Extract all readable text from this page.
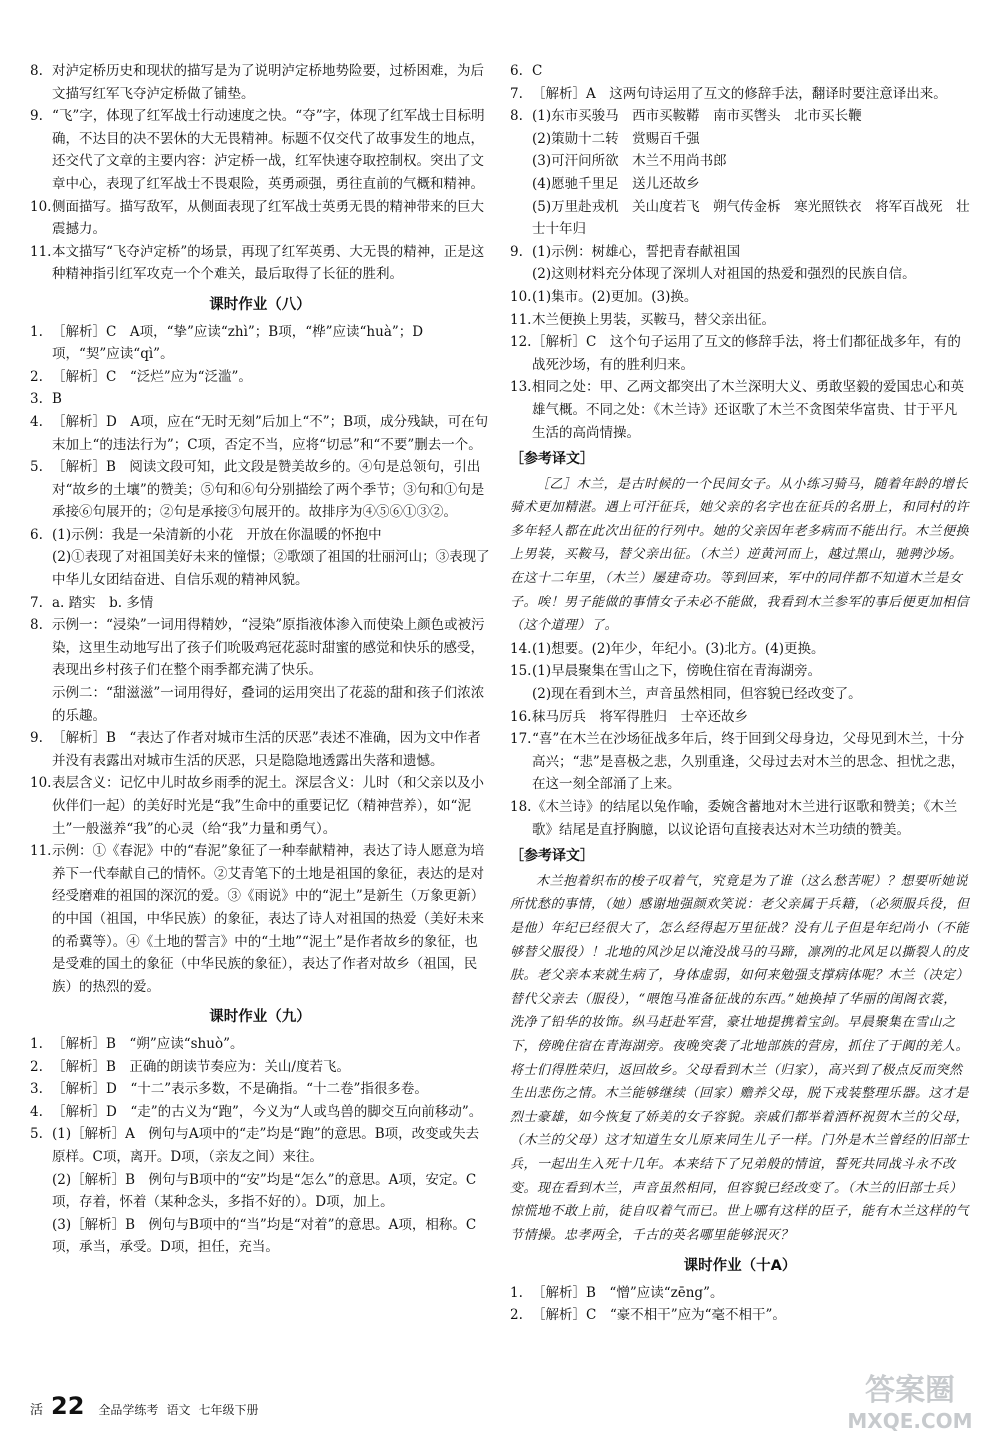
8. 对泸定桥历史和现状的描写是为了说明泸定桥地势险要，过桥困难，为后文描写红军飞夺泸定桥做了铺垫。
9. “飞”字，体现了红军战士行动速度之快。“夺”字，体现了红军战士目标明确，不达目的决不罢休的大无畏精神。标题不仅交代了故事发生的地点，还交代了文章的主要内容：泸定桥一战，红军快速夺取控制权。突出了文章中心，表现了红军战士不畏艰险，英勇顽强，勇往直前的气概和精神。
10. 侧面描写。描写敌军，从侧面表现了红军战士英勇无畏的精神带来的巨大震撼力。
11. 本文描写“飞夺泸定桥”的场景，再现了红军英勇、大无畏的精神，正是这种精神指引红军攻克一个个难关，最后取得了长征的胜利。
课时作业（八）
1. ［解析］C　A项，“挚”应读“zhì”；B项，“桦”应读“huà”；D项，“契”应读“qì”。
2. ［解析］C　“泛烂”应为“泛滥”。
3. B
4. ［解析］D　A项，应在“无时无刻”后加上“不”；B项，成分残缺，可在句末加上“的违法行为”；C项，否定不当，应将“切忌”和“不要”删去一个。
5. ［解析］B　阅读文段可知，此文段是赞美故乡的。④句是总领句，引出对“故乡的土壤”的赞美；⑤句和⑥句分别描绘了两个季节；③句和①句是承接⑥句展开的；②句是承接③句展开的。故排序为④⑤⑥①③②。
6. (1)示例：我是一朵清新的小花　开放在你温暖的怀抱中
(2)①表现了对祖国美好未来的憧憬；②歌颂了祖国的壮丽河山；③表现了中华儿女团结奋进、自信乐观的精神风貌。
7. a. 踏实　b. 多情
8. 示例一：“浸染”一词用得精妙，“浸染”原指液体渗入而使染上颜色或被污染，这里生动地写出了孩子们吮吸鸡冠花蕊时甜蜜的感觉和快乐的感受，表现出乡村孩子们在整个雨季都充满了快乐。
示例二：“甜滋滋”一词用得好，叠词的运用突出了花蕊的甜和孩子们浓浓的乐趣。
9. ［解析］B　“表达了作者对城市生活的厌恶”表述不准确，因为文中作者并没有表露出对城市生活的厌恶，只是隐隐地透露出失落和遗憾。
10. 表层含义：记忆中儿时故乡雨季的泥土。深层含义：儿时（和父亲以及小伙伴们一起）的美好时光是“我”生命中的重要记忆（精神营养），如“泥土”一般滋养“我”的心灵（给“我”力量和勇气）。
11. 示例：①《春泥》中的“春泥”象征了一种奉献精神，表达了诗人愿意为培养下一代奉献自己的情怀。②艾青笔下的土地是祖国的象征，表达的是对经受磨难的祖国的深沉的爱。③《雨说》中的“泥土”是新生（万象更新）的中国（祖国，中华民族）的象征，表达了诗人对祖国的热爱（美好未来的希冀等）。④《土地的誓言》中的“土地”“泥土”是作者故乡的象征，也是受难的国土的象征（中华民族的象征），表达了作者对故乡（祖国，民族）的热烈的爱。
课时作业（九）
1. ［解析］B　“朔”应读“shuò”。
2. ［解析］B　正确的朗读节奏应为：关山/度若飞。
3. ［解析］D　“十二”表示多数，不是确指。“十二卷”指很多卷。
4. ［解析］D　“走”的古义为“跑”，今义为“人或鸟兽的脚交互向前移动”。
5. (1)［解析］A　例句与A项中的“走”均是“跑”的意思。B项，改变或失去原样。C项，离开。D项，（亲友之间）来往。
(2)［解析］B　例句与B项中的“安”均是“怎么”的意思。A项，安定。C项，存着，怀着（某种念头，多指不好的）。D项，加上。
(3)［解析］B　例句与B项中的“当”均是“对着”的意思。A项，相称。C项，承当，承受。D项，担任，充当。
6. C
7. ［解析］A　这两句诗运用了互文的修辞手法，翻译时要注意译出来。
8. (1)东市买骏马　西市买鞍鞯　南市买辔头　北市买长鞭
(2)策勋十二转　赏赐百千强
(3)可汗问所欲　木兰不用尚书郎
(4)愿驰千里足　送儿还故乡
(5)万里赴戎机　关山度若飞　朔气传金柝　寒光照铁衣　将军百战死　壮士十年归
9. (1)示例：树雄心，誓把青春献祖国
(2)这则材料充分体现了深圳人对祖国的热爱和强烈的民族自信。
10. (1)集市。(2)更加。(3)换。
11. 木兰便换上男装，买鞍马，替父亲出征。
12. ［解析］C　这个句子运用了互文的修辞手法，将士们都征战多年，有的战死沙场，有的胜利归来。
13. 相同之处：甲、乙两文都突出了木兰深明大义、勇敢坚毅的爱国忠心和英雄气概。不同之处：《木兰诗》还讴歌了木兰不贪图荣华富贵、甘于平凡生活的高尚情操。
［参考译文］

［乙］木兰，是古时候的一个民间女子。从小练习骑马，随着年龄的增长骑术更加精湛。遇上可汗征兵，她父亲的名字也在征兵的名册上，和同村的许多年轻人都在此次出征的行列中。她的父亲因年老多病而不能出行。木兰便换上男装，买鞍马，替父亲出征。（木兰）逆黄河而上，越过黑山，驰骋沙场。在这十二年里，（木兰）屡建奇功。等到回来，军中的同伴都不知道木兰是女子。唉！男子能做的事情女子未必不能做，我看到木兰参军的事后便更加相信（这个道理）了。

14. (1)想要。(2)年少，年纪小。(3)北方。(4)更换。
15. (1)早晨聚集在雪山之下，傍晚住宿在青海湖旁。
(2)现在看到木兰，声音虽然相同，但容貌已经改变了。
16. 秣马厉兵　将军得胜归　士卒还故乡
17. “喜”在木兰在沙场征战多年后，终于回到父母身边，父母见到木兰，十分高兴；“悲”是喜极之悲，久别重逢，父母过去对木兰的思念、担忧之悲，在这一刻全部涌了上来。
18. 《木兰诗》的结尾以兔作喻，委婉含蓄地对木兰进行讴歌和赞美；《木兰歌》结尾是直抒胸臆，以议论语句直接表达对木兰功绩的赞美。
［参考译文］

木兰抱着织布的梭子叹着气，究竟是为了谁（这么愁苦呢）？想要听她说所忧愁的事情，（她）感谢地强颜欢笑说：老父亲属于兵籍，（必须服兵役，但是他）年纪已经很大了，怎么经得起万里征战？没有儿子但是年纪尚小（不能够替父服役）！北地的风沙足以淹没战马的马蹄，凛冽的北风足以撕裂人的皮肤。老父亲本来就生病了，身体虚弱，如何来勉强支撑病体呢？木兰（决定）替代父亲去（服役），“喂饱马准备征战的东西。”她换掉了华丽的闺阁衣裳，洗净了铅华的妆饰。纵马赶赴军营，豪壮地提携着宝剑。早晨聚集在雪山之下，傍晚住宿在青海湖旁。夜晚突袭了北地部族的营房，抓住了于阗的羌人。将士们得胜荣归，返回故乡。父母看到木兰（归家），高兴到了极点反而突然生出悲伤之情。木兰能够继续（回家）赡养父母，脱下戎装整理乐器。这才是烈士豪雄，如今恢复了娇美的女子容貌。亲戚们都举着酒杯祝贺木兰的父母，（木兰的父母）这才知道生女儿原来同生儿子一样。门外是木兰曾经的旧部士兵，一起出生入死十几年。本来结下了兄弟般的情谊，誓死共同战斗永不改变。现在看到木兰，声音虽然相同，但容貌已经改变了。（木兰的旧部士兵）惊慌地不敢上前，徒自叹着气而已。世上哪有这样的臣子，能有木兰这样的气节情操。忠孝两全，千古的英名哪里能够泯灭？

课时作业（十A）
1. ［解析］B　“憎”应读“zēng”。
2. ［解析］C　“豪不相干”应为“毫不相干”。
活 22 全品学练考 语文 七年级下册
答案圈
MXQE.COM
